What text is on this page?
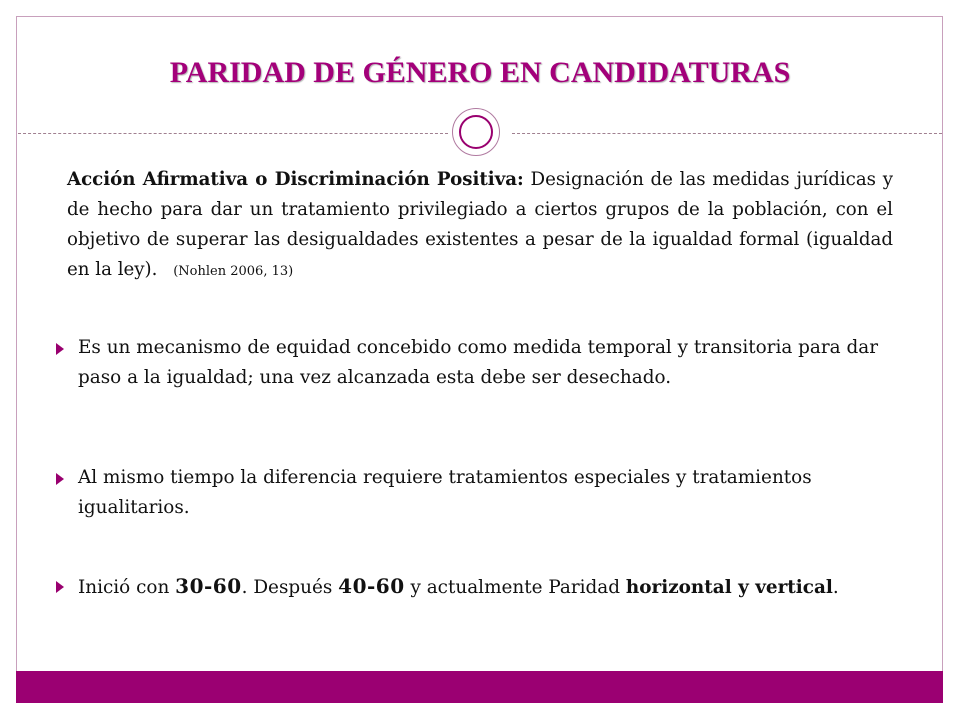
PARIDAD DE GÉNERO EN CANDIDATURAS
Acción Afirmativa o Discriminación Positiva: Designación de las medidas jurídicas y de hecho para dar un tratamiento privilegiado a ciertos grupos de la población, con el objetivo de superar las desigualdades existentes a pesar de la igualdad formal (igualdad en la ley). (Nohlen 2006, 13)
Es un mecanismo de equidad concebido como medida temporal y transitoria para dar paso a la igualdad; una vez alcanzada esta debe ser desechado.
Al mismo tiempo la diferencia requiere tratamientos especiales y tratamientos igualitarios.
Inició con 30-60. Después 40-60 y actualmente Paridad horizontal y vertical.
